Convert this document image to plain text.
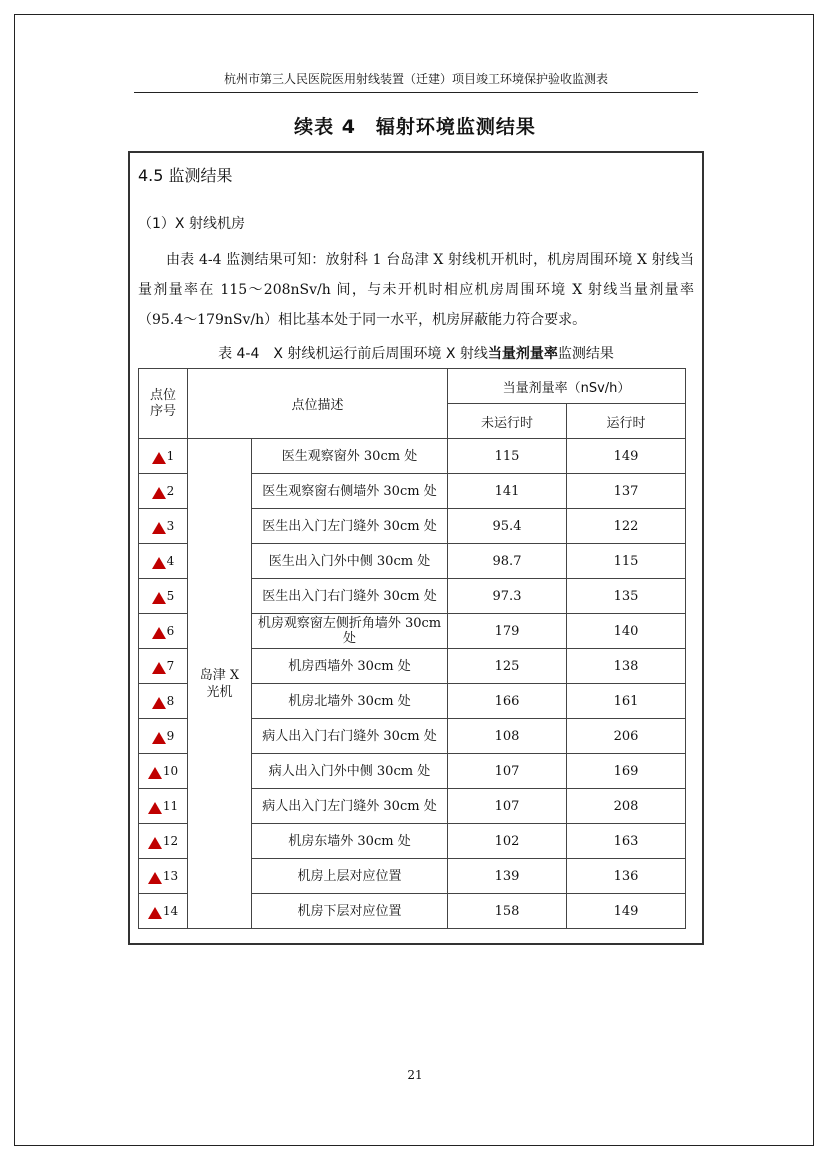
杭州市第三人民医院医用射线装置（迁建）项目竣工环境保护验收监测表
续表 4　辐射环境监测结果
4.5 监测结果
（1）X 射线机房

由表 4-4 监测结果可知：放射科 1 台岛津 X 射线机开机时，机房周围环境 X 射线当量剂量率在 115～208nSv/h 间，与未开机时相应机房周围环境 X 射线当量剂量率（95.4～179nSv/h）相比基本处于同一水平，机房屏蔽能力符合要求。

表 4-4　X 射线机运行前后周围环境 X 射线当量剂量率监测结果
点位序号	点位描述		当量剂量率（nSv/h）	
			未运行时	运行时
1	岛津 X 光机	医生观察窗外 30cm 处	115	149
2		医生观察窗右侧墙外 30cm 处	141	137
3		医生出入门左门缝外 30cm 处	95.4	122
4		医生出入门外中侧 30cm 处	98.7	115
5		医生出入门右门缝外 30cm 处	97.3	135
6		机房观察窗左侧折角墙外 30cm 处	179	140
7		机房西墙外 30cm 处	125	138
8		机房北墙外 30cm 处	166	161
9		病人出入门右门缝外 30cm 处	108	206
10		病人出入门外中侧 30cm 处	107	169
11		病人出入门左门缝外 30cm 处	107	208
12		机房东墙外 30cm 处	102	163
13		机房上层对应位置	139	136
14		机房下层对应位置	158	149
21
